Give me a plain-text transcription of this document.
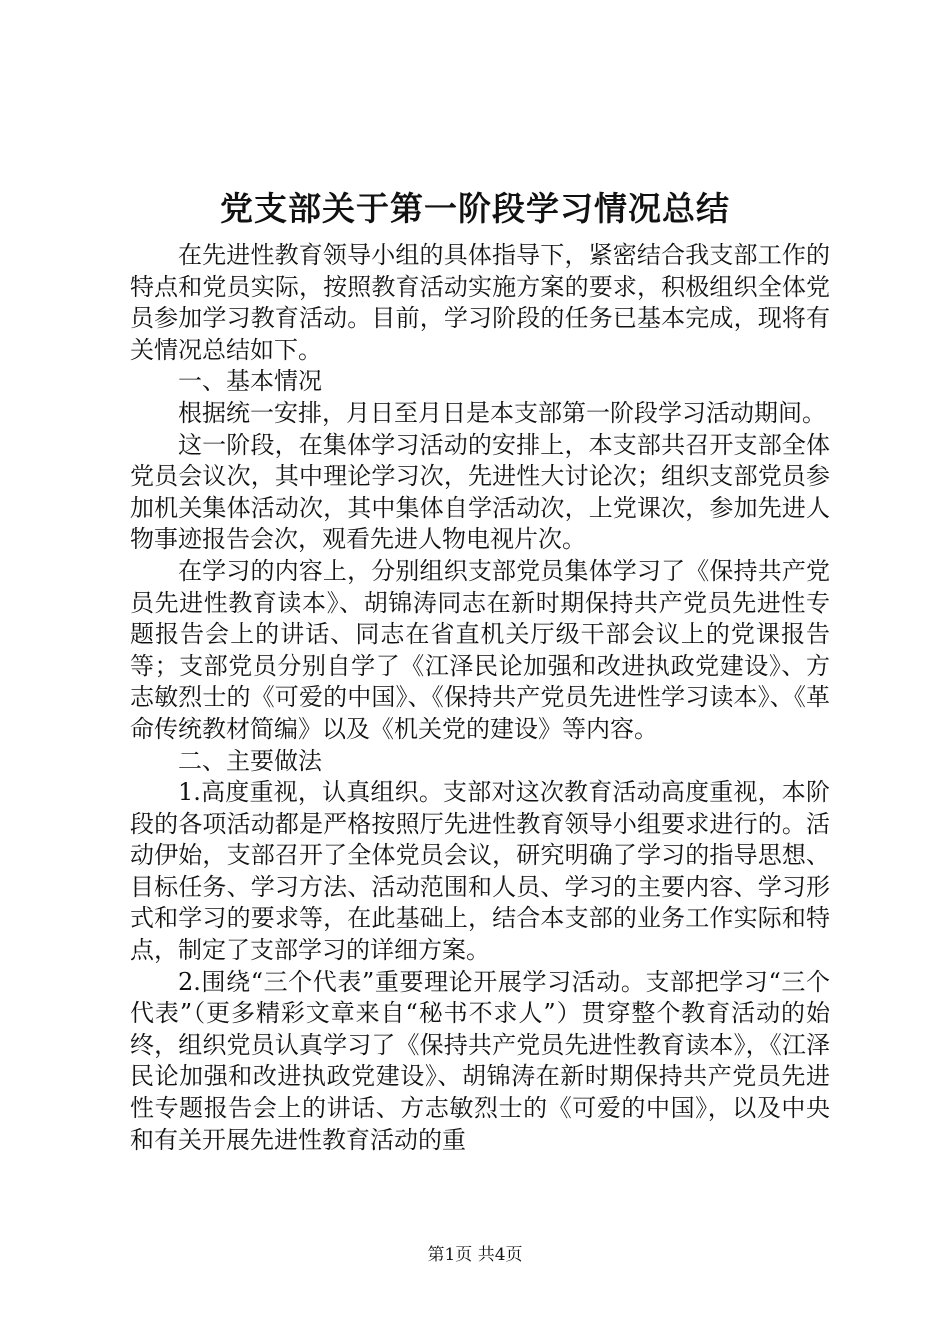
党支部关于第一阶段学习情况总结

在先进性教育领导小组的具体指导下，紧密结合我支部工作的特点和党员实际，按照教育活动实施方案的要求，积极组织全体党员参加学习教育活动。目前，学习阶段的任务已基本完成，现将有关情况总结如下。

一、基本情况

根据统一安排，月日至月日是本支部第一阶段学习活动期间。

这一阶段，在集体学习活动的安排上，本支部共召开支部全体党员会议次，其中理论学习次，先进性大讨论次；组织支部党员参加机关集体活动次，其中集体自学活动次，上党课次，参加先进人物事迹报告会次，观看先进人物电视片次。

在学习的内容上，分别组织支部党员集体学习了《保持共产党员先进性教育读本》、胡锦涛同志在新时期保持共产党员先进性专题报告会上的讲话、同志在省直机关厅级干部会议上的党课报告等；支部党员分别自学了《江泽民论加强和改进执政党建设》、方志敏烈士的《可爱的中国》、《保持共产党员先进性学习读本》、《革命传统教材简编》以及《机关党的建设》等内容。

二、主要做法

1.高度重视，认真组织。支部对这次教育活动高度重视，本阶段的各项活动都是严格按照厅先进性教育领导小组要求进行的。活动伊始，支部召开了全体党员会议，研究明确了学习的指导思想、目标任务、学习方法、活动范围和人员、学习的主要内容、学习形式和学习的要求等，在此基础上，结合本支部的业务工作实际和特点，制定了支部学习的详细方案。

2.围绕“三个代表”重要理论开展学习活动。支部把学习“三个代表”（更多精彩文章来自“秘书不求人”）贯穿整个教育活动的始终，组织党员认真学习了《保持共产党员先进性教育读本》，《江泽民论加强和改进执政党建设》、胡锦涛在新时期保持共产党员先进性专题报告会上的讲话、方志敏烈士的《可爱的中国》，以及中央和有关开展先进性教育活动的重

第1页 共4页
